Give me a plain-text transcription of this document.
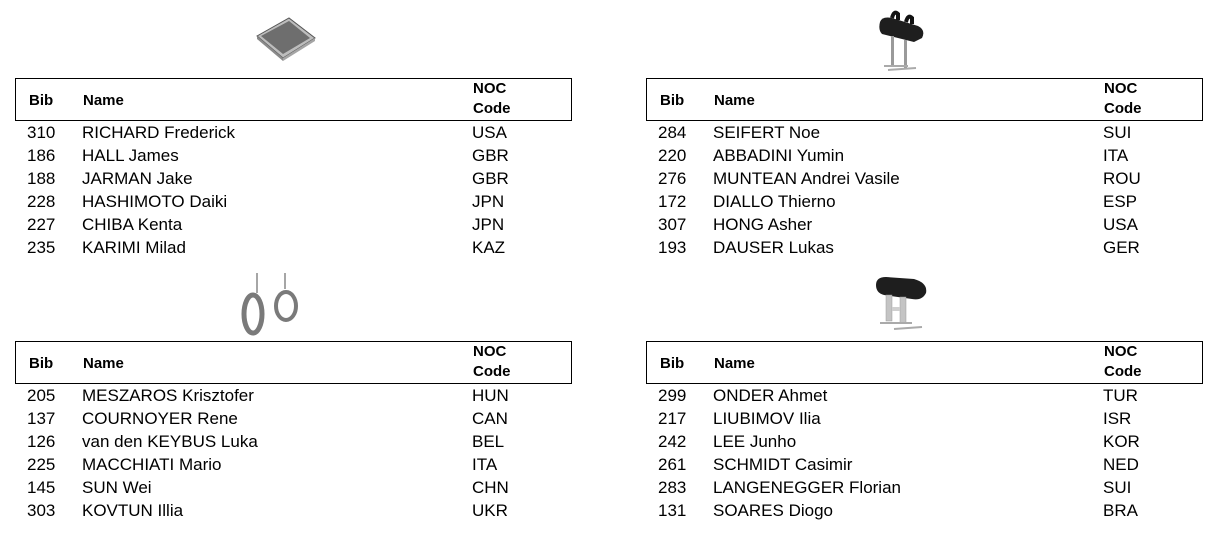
Bib Name
NOC
Code
310 RICHARD Frederick	USA
186 HALL James	GBR
188 JARMAN Jake	GBR
228 HASHIMOTO Daiki	JPN
227 CHIBA Kenta	JPN
235 KARIMI Milad	KAZ
Bib Name
NOC
Code
284 SEIFERT Noe	SUI
220 ABBADINI Yumin	ITA
276 MUNTEAN Andrei Vasile	ROU
172 DIALLO Thierno	ESP
307 HONG Asher	USA
193 DAUSER Lukas	GER
Bib Name
NOC
Code
205 MESZAROS Krisztofer	HUN
137 COURNOYER Rene	CAN
126 van den KEYBUS Luka	BEL
225 MACCHIATI Mario	ITA
145 SUN Wei	CHN
303 KOVTUN Illia	UKR
Bib Name
NOC
Code
299 ONDER Ahmet	TUR
217 LIUBIMOV Ilia	ISR
242 LEE Junho	KOR
261 SCHMIDT Casimir	NED
283 LANGENEGGER Florian	SUI
131 SOARES Diogo	BRA
